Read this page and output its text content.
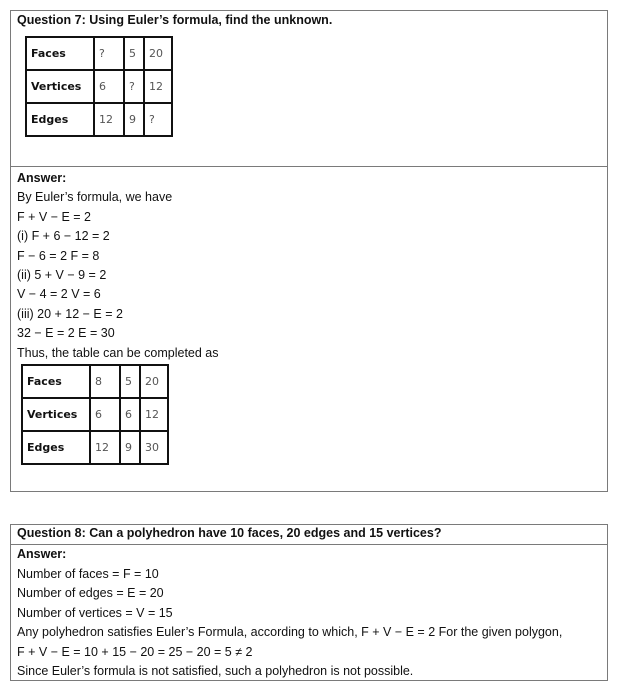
Question 7: Using Euler’s formula, find the unknown.
Faces	?	5	20
Vertices	6	?	12
Edges	12	9	?
Answer:
By Euler’s formula, we have
F + V − E = 2
(i) F + 6 − 12 = 2
F − 6 = 2 F = 8
(ii) 5 + V − 9 = 2
V − 4 = 2 V = 6
(iii) 20 + 12 − E = 2
32 − E = 2 E = 30
Thus, the table can be completed as
Faces	8	5	20
Vertices	6	6	12
Edges	12	9	30
Question 8: Can a polyhedron have 10 faces, 20 edges and 15 vertices?
Answer:
Number of faces = F = 10
Number of edges = E = 20
Number of vertices = V = 15
Any polyhedron satisfies Euler’s Formula, according to which, F + V − E = 2 For the given polygon,
F + V − E = 10 + 15 − 20 = 25 − 20 = 5 ≠ 2
Since Euler’s formula is not satisfied, such a polyhedron is not possible.
